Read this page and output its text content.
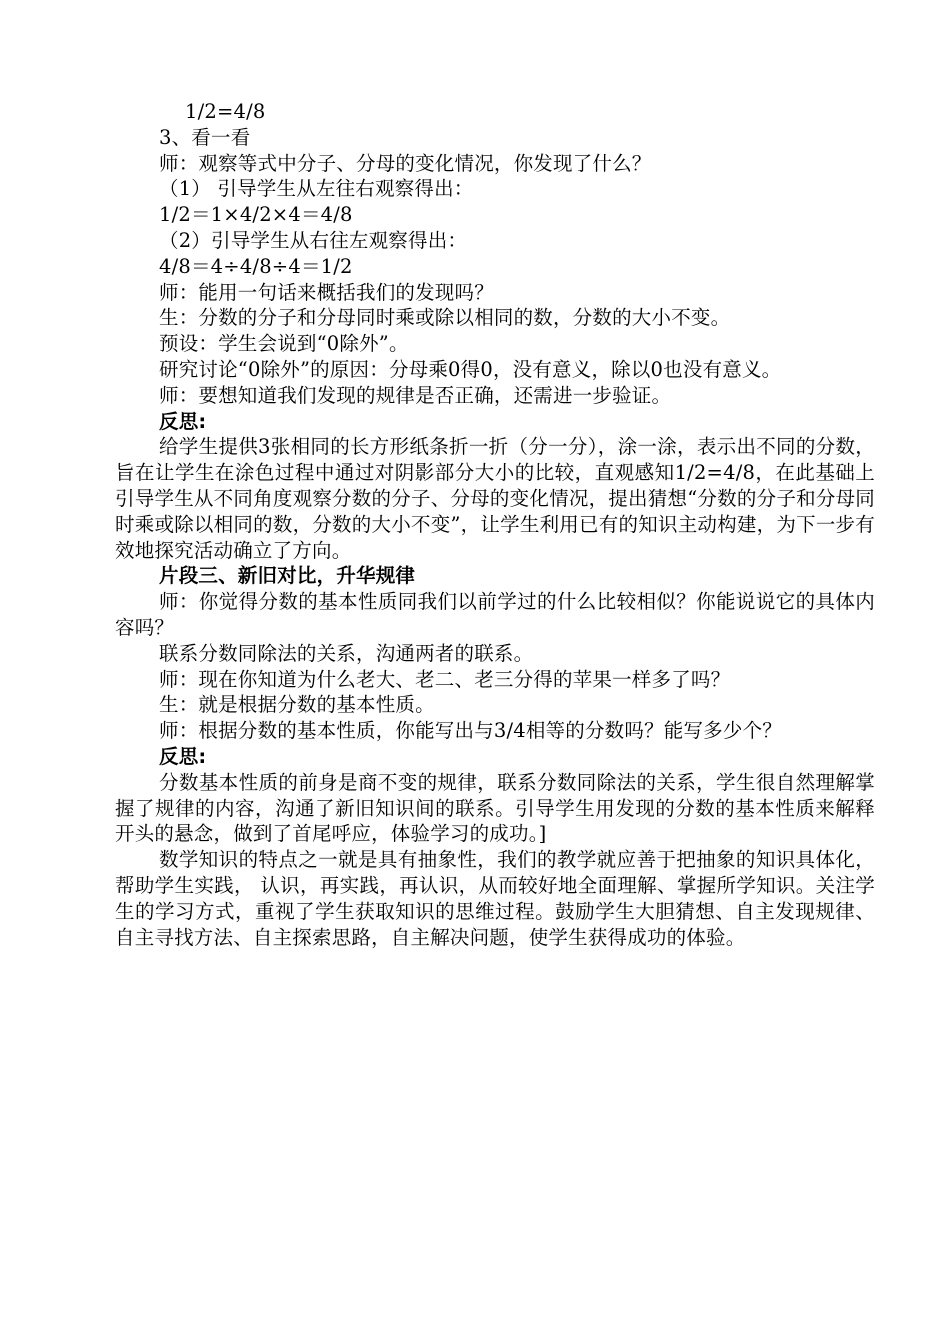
1/2=4/8
3、看一看
师：观察等式中分子、分母的变化情况，你发现了什么？
（1） 引导学生从左往右观察得出：
1/2＝1×4/2×4＝4/8
（2）引导学生从右往左观察得出：
4/8＝4÷4/8÷4＝1/2
师：能用一句话来概括我们的发现吗？
生：分数的分子和分母同时乘或除以相同的数，分数的大小不变。
预设：学生会说到“0除外”。
研究讨论“0除外”的原因：分母乘0得0，没有意义，除以0也没有意义。
师：要想知道我们发现的规律是否正确，还需进一步验证。
反思:
给学生提供3张相同的长方形纸条折一折（分一分），涂一涂，表示出不同的分数，旨在让学生在涂色过程中通过对阴影部分大小的比较，直观感知1/2=4/8，在此基础上引导学生从不同角度观察分数的分子、分母的变化情况，提出猜想“分数的分子和分母同时乘或除以相同的数，分数的大小不变”，让学生利用已有的知识主动构建，为下一步有效地探究活动确立了方向。
片段三、新旧对比，升华规律
师：你觉得分数的基本性质同我们以前学过的什么比较相似？你能说说它的具体内容吗？
联系分数同除法的关系，沟通两者的联系。
师：现在你知道为什么老大、老二、老三分得的苹果一样多了吗？
生：就是根据分数的基本性质。
师：根据分数的基本性质，你能写出与3/4相等的分数吗？能写多少个？
反思:
分数基本性质的前身是商不变的规律，联系分数同除法的关系，学生很自然理解掌握了规律的内容，沟通了新旧知识间的联系。引导学生用发现的分数的基本性质来解释开头的悬念，做到了首尾呼应，体验学习的成功。]
数学知识的特点之一就是具有抽象性，我们的教学就应善于把抽象的知识具体化，帮助学生实践， 认识，再实践，再认识，从而较好地全面理解、掌握所学知识。关注学生的学习方式，重视了学生获取知识的思维过程。鼓励学生大胆猜想、自主发现规律、自主寻找方法、自主探索思路，自主解决问题，使学生获得成功的体验。
